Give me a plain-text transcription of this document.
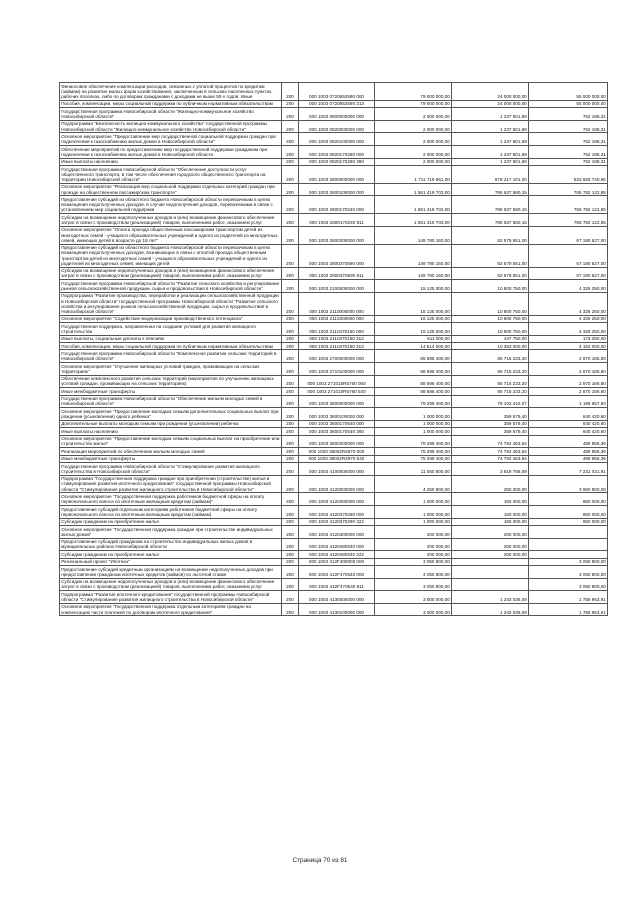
Финансовое обеспечение компенсации расходов, связанных с уплатой процентов по кредитам (займам) на развитие малых форм хозяйствования, заключенным в сельских населенных пунктах, рабочих поселках, либо по договорам гражданами с доходами не выше 50-х годов. Иные	200	000 1003 0720652590 000	79 000 000,00	24 000 000,00	55 000 000,00
Пособия, компенсации, меры социальной поддержки по публичным нормативным обязательствам	200	000 1003 0720652590 313	79 000 000,00	24 000 000,00	55 000 000,00
Государственная программа Новосибирской области "Жилищно-коммунальное хозяйство Новосибирской области"	200	000 1003 0800000000 000	2 000 000,00	1 237 801,69	762 198,31
Подпрограмма "Безопасность жилищно-коммунального хозяйства" государственной программы Новосибирской области "Жилищно-коммунальное хозяйство Новосибирской области"	200	000 1003 0820000000 000	2 000 000,00	1 237 801,69	762 198,31
Основное мероприятие "Предоставление мер государственной социальной поддержки граждан при подключении к газоснабжению жилых домов в Новосибирской области"	200	000 1003 0820100000 000	2 000 000,00	1 237 801,69	762 198,31
Обеспечение мероприятий по предоставлению мер государственной поддержки гражданам при подключении к газоснабжению жилых домов в Новосибирской области	200	000 1003 0820170280 000	2 000 000,00	1 237 801,69	762 198,31
Иные выплаты населению	200	000 1003 0820170280 360	2 000 000,00	1 237 801,69	762 198,31
Государственная программа Новосибирской области "Обеспечение доступности услуг общественного транспорта, в том числе обеспечения городского общественного транспорта на территории Новосибирской области"	200	000 1003 2800000000 000	1 711 716 861,00	878 217 101,00	833 683 740,95
Основное мероприятие "Реализация мер социальной поддержки отдельных категорий граждан при проезде на общественном пассажирском транспорте"	200	000 1003 2800100000 000	1 561 419 703,00	795 637 580,15	765 782 122,85
Предоставление субсидий из областного бюджета Новосибирской области перевозчикам в целях возмещения недополученных доходов, в случае недополучения доходов, перевозчиками в связи с установлением мер социальной поддержки	200	000 1003 2800170240 000	1 561 419 703,00	795 637 580,15	765 782 122,85
Субсидии на возмещение недополученных доходов и (или) возмещение финансового обеспечения затрат в связи с производством (реализацией) товаров, выполнением работ, оказанием услуг	200	000 1003 2800170240 811	1 561 419 703,00	795 637 580,15	765 782 122,85
Основное мероприятие "Оплата проезда общественным пассажирским транспортом детей из многодетных семей - учащихся образовательных учреждений и одного из родителей из многодетных семей, имеющих детей в возрасте до 18 лет"	200	000 1003 2800300000 000	149 780 160,00	82 579 551,00	67 180 627,00
Предоставление субсидий из областного бюджета Новосибирской области перевозчикам в целях возмещения недополученных доходов, возникающих в связи с оплатой проезда общественным транспортом детей из многодетных семей - учащихся образовательных учреждений и одного из родителей из многодетных семей, имеющих детей	200	000 1003 2800370590 000	149 780 160,00	82 579 551,00	67 180 627,00
Субсидии на возмещение недополученных доходов и (или) возмещение финансового обеспечения затрат в связи с производством (реализацией) товаров, выполнением работ, оказанием услуг	200	000 1003 2800370590 811	149 780 160,00	82 579 551,00	67 180 627,00
Государственная программа Новосибирской области "Развитие сельского хозяйства и регулирование рынков сельскохозяйственной продукции, сырья и продовольствия в Новосибирской области"	200	000 1003 2100000000 000	15 125 000,00	10 800 750,00	4 325 250,00
Подпрограмма "Развитие производства, переработки и реализации сельскохозяйственной продукции в Новосибирской области" государственной программы Новосибирской области "Развитие сельского хозяйства и регулирование рынков сельскохозяйственной продукции, сырья и продовольствия в Новосибирской области"	200	000 1003 2110000000 000	15 125 000,00	10 800 750,00	4 325 250,00
Основное мероприятие "Содействие модернизации производственного потенциала"	200	000 1003 2110300000 000	15 125 000,00	10 800 750,00	4 325 250,00
Государственная поддержка, направленная на создание условий для развития жилищного строительства	200	000 1003 2110370150 000	15 125 000,00	10 800 750,00	4 325 250,00
Иные выплаты, социальные доплаты к пенсиям	200	000 1003 2110370150 312	611 000,00	447 750,00	173 250,00
Пособия, компенсации, меры социальной поддержки по публичным нормативным обязательствам	200	000 1003 2110370150 313	14 514 000,00	10 353 000,00	4 152 000,00
Государственная программа Новосибирской области "Комплексное развитие сельских территорий в Новосибирской области"	200	000 1003 2700000000 000	85 596 400,00	85 715 233,20	2 870 166,80
Основное мероприятие "Улучшение жилищных условий граждан, проживающих на сельских территориях"	200	000 1003 2710100000 000	88 596 400,00	85 715 233,20	2 870 166,80
Обеспечение комплексного развития сельских территорий (мероприятия по улучшению жилищных условий граждан, проживающих на сельских территориях)	200	000 1003 271010R5760 000	88 596 400,00	85 715 233,20	2 870 166,80
Иные межбюджетные трансферты	200	000 1003 271010R5760 540	88 596 400,00	85 715 233,20	2 870 166,80
Государственная программа Новосибирской области "Обеспечение жильем молодых семей в Новосибирской области"	200	000 1003 3600000000 000	79 299 400,00	78 102 442,07	1 196 957,93
Основное мероприятие "Предоставление молодым семьям дополнительных социальных выплат при рождении (усыновлении) одного ребенка"	200	000 1003 3600100000 000	1 000 000,00	359 579,40	640 420,60
Дополнительные выплаты молодым семьям при рождении (усыновлении) ребенка	200	000 1003 3600170540 000	1 000 000,00	359 579,40	640 420,60
Иные выплаты населению	200	000 1003 3600170540 360	1 000 000,00	359 579,40	640 420,60
Основное мероприятие "Предоставление молодым семьям социальных выплат на приобретение или строительство жилья"	200	000 1003 3600200000 000	78 299 400,00	74 792 463,64	489 956,36
Реализация мероприятий по обеспечению жильем молодых семей	200	000 1003 36002R4970 000	75 299 400,00	74 792 463,64	489 956,36
Иные межбюджетные трансферты	200	000 1003 36002R4970 540	75 299 400,00	74 792 463,64	489 956,36
Государственная программа Новосибирской области "Стимулирование развития жилищного строительства в Новосибирской области"	200	000 1003 4100000000 000	11 050 800,00	3 819 768,09	7 231 031,91
Подпрограмма "Государственная поддержка граждан при приобретении (строительстве) жилья и стимулирование развития ипотечного кредитования" государственной программы Новосибирской области "Стимулирование развития жилищного строительства в Новосибирской области"	200	000 1003 4120000000 000	4 250 800,00	250 000,00	3 960 800,00
Основное мероприятие "Государственная поддержка работников бюджетной сферы на оплату первоначального взноса по ипотечным жилищным кредитам (займам)"	200	000 1003 4120300000 000	1 000 000,00	150 000,00	850 000,00
Предоставление субсидий отдельным категориям работников бюджетной сферы на оплату первоначального взноса по ипотечным жилищным кредитам (займам)	200	000 1003 4120370290 000	1 000 000,00	150 000,00	850 000,00
Субсидии гражданам на приобретение жилья	200	000 1003 4120370290 322	1 000 000,00	150 000,00	850 000,00
Основное мероприятие "Государственная поддержка граждан при строительстве индивидуальных жилых домов"	200	000 1003 4120400000 000	200 000,00	200 000,00	
Предоставление субсидий гражданам на строительство индивидуальных жилых домов в муниципальных районах Новосибирской области	200	000 1003 4120480540 000	200 000,00	200 000,00	
Субсидии гражданам на приобретение жилья	200	000 1003 4120480540 322	200 000,00	200 000,00	
Региональный проект "Ипотека"	200	000 1003 412F400000 000	3 050 800,00		3 050 800,00
Предоставление субсидий кредитным организациям на возмещение недополученных доходов при предоставлении гражданам ипотечных кредитов (займов) по льготной ставке	200	000 1003 412F470540 000	3 050 800,00		3 050 800,00
Субсидии на возмещение недополученных доходов и (или) возмещение финансового обеспечения затрат в связи с производством (реализацией) товаров, выполнением работ, оказанием услуг	200	000 1003 412F470540 811	3 050 800,00		3 050 800,00
Подпрограмма "Развитие ипотечного кредитования" государственной программы Новосибирской области "Стимулирование развития жилищного строительства в Новосибирской области"	200	000 1003 4130000000 000	3 000 000,00	1 243 036,09	1 756 963,91
Основное мероприятие "Государственная поддержка отдельным категориям граждан на компенсацию части платежей по договорам ипотечного кредитования"	200	000 1003 4130100000 000	3 000 000,00	1 243 036,09	1 756 963,91
Страница 70 из 81
